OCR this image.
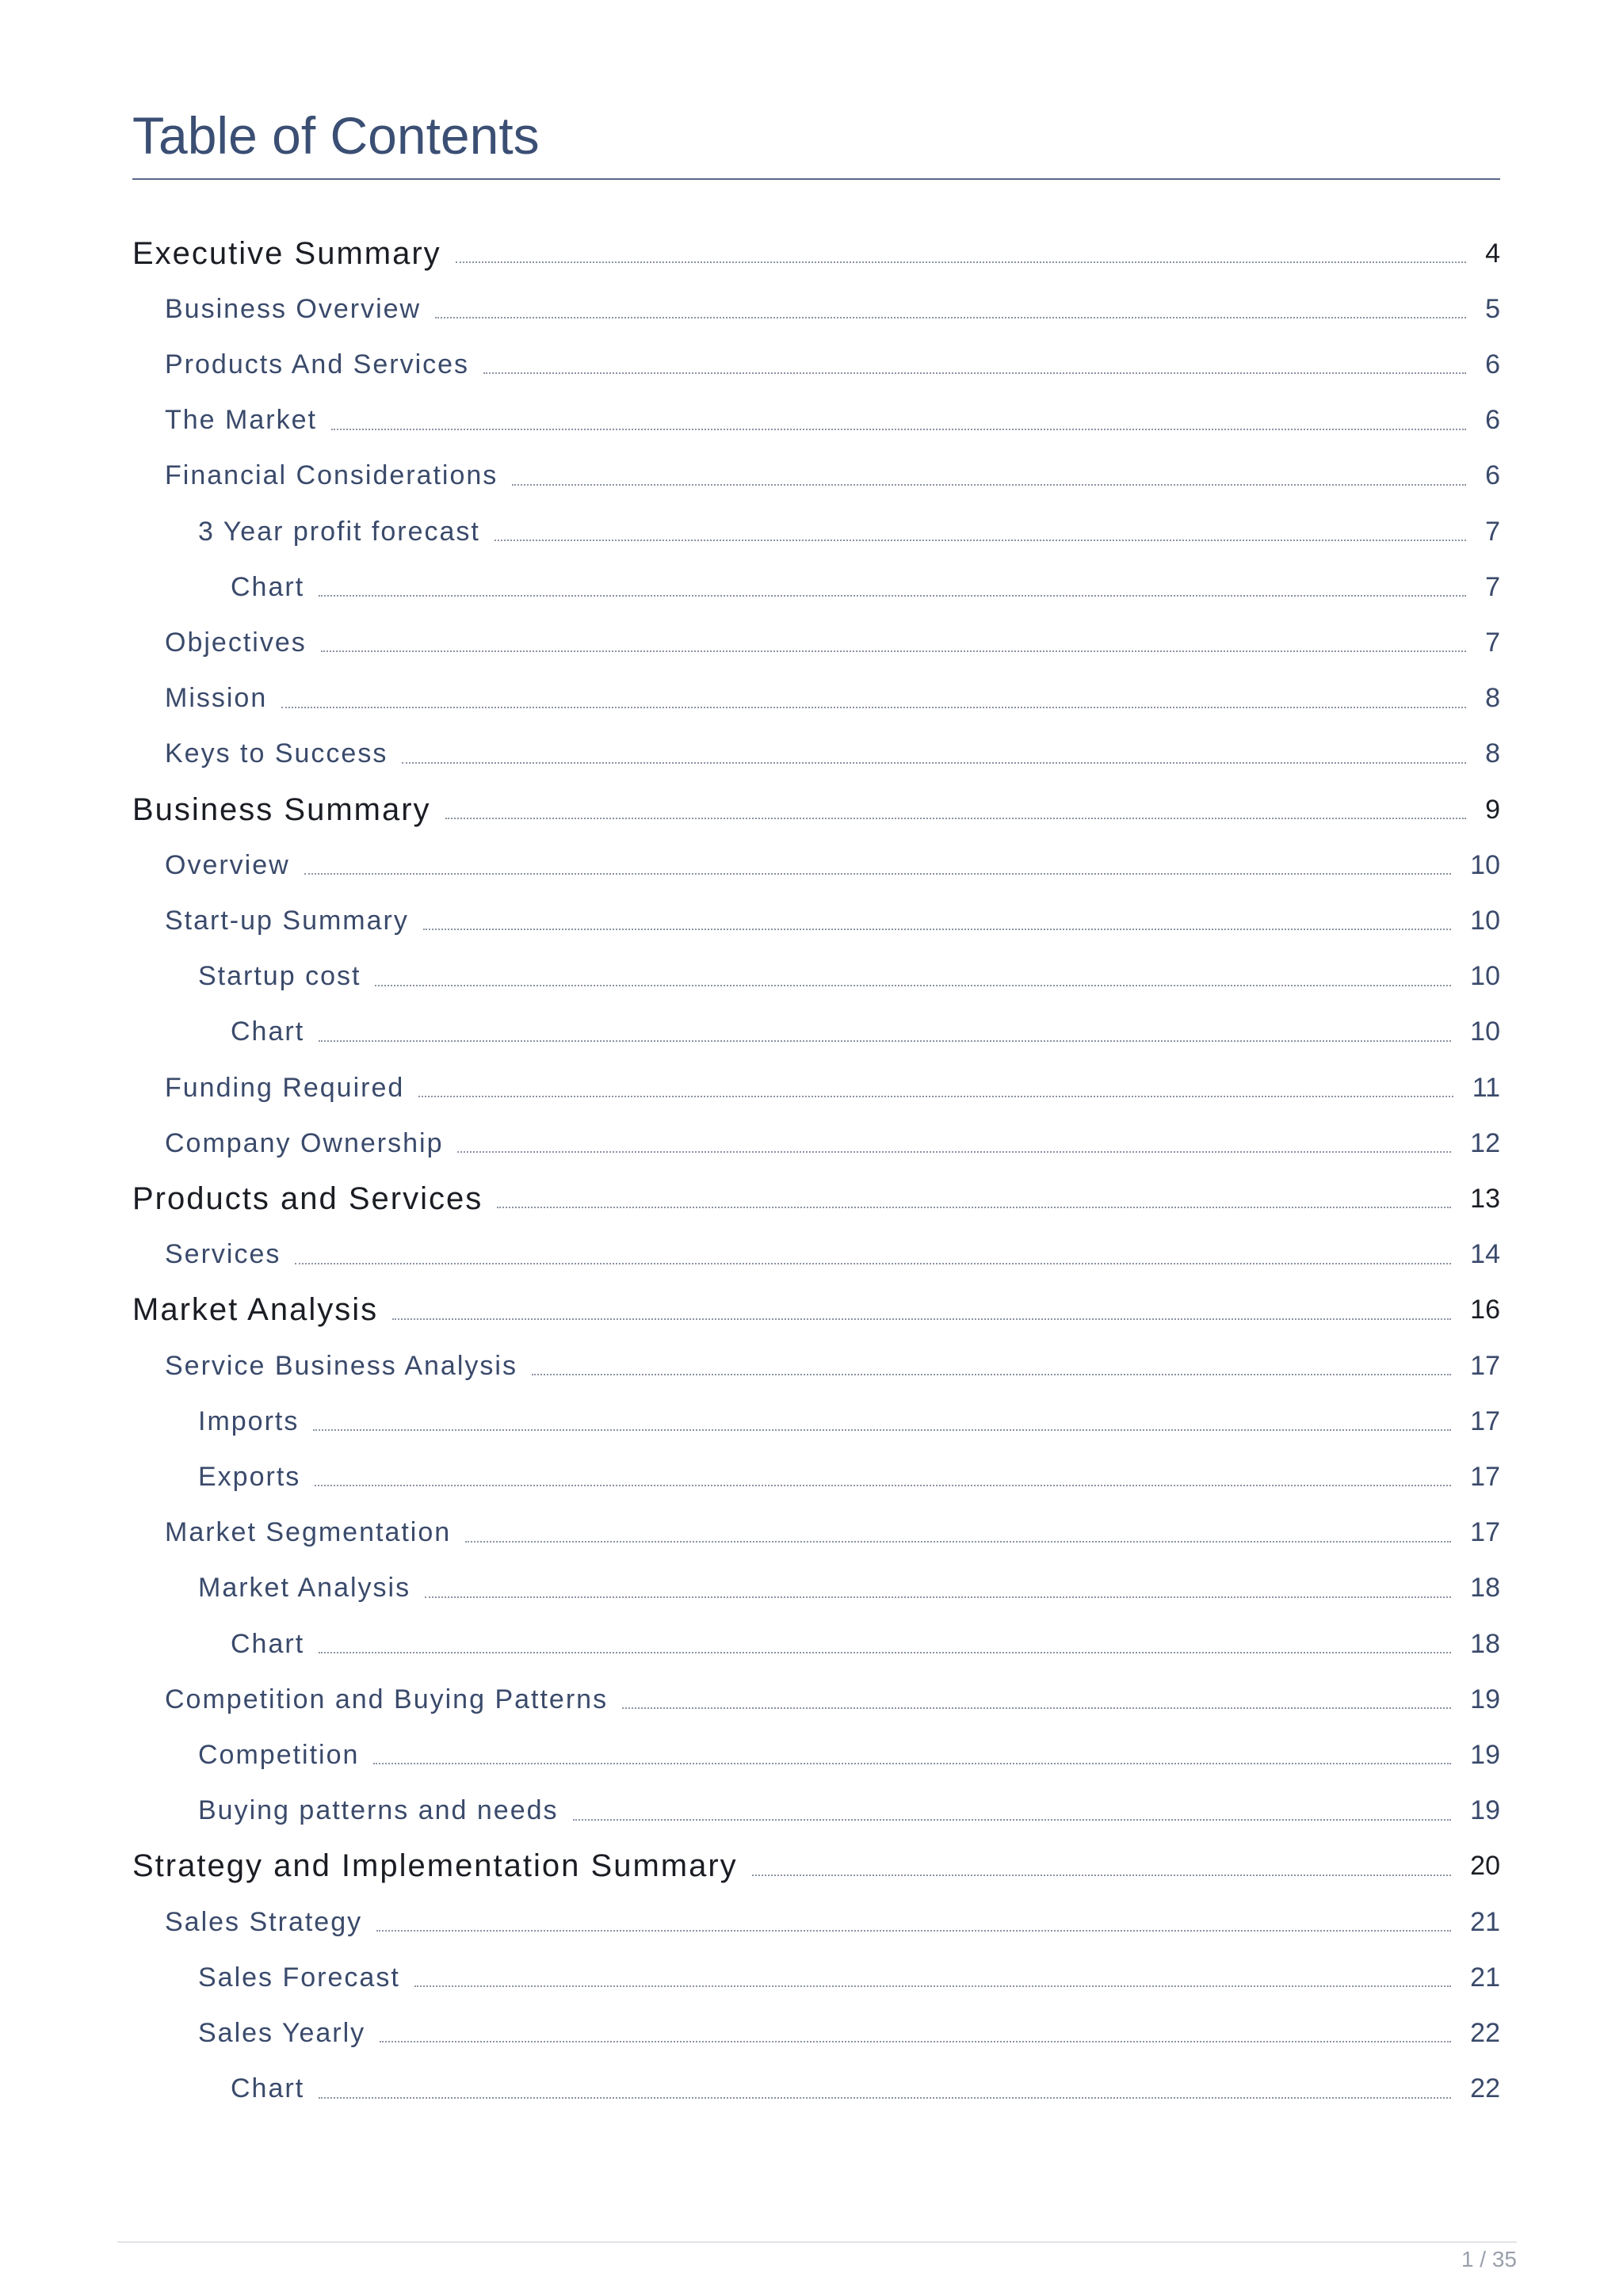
Table of Contents
Executive Summary	4
Business Overview	5
Products And Services	6
The Market	6
Financial Considerations	6
3 Year profit forecast	7
Chart	7
Objectives	7
Mission	8
Keys to Success	8
Business Summary	9
Overview	10
Start-up Summary	10
Startup cost	10
Chart	10
Funding Required	11
Company Ownership	12
Products and Services	13
Services	14
Market Analysis	16
Service Business Analysis	17
Imports	17
Exports	17
Market Segmentation	17
Market Analysis	18
Chart	18
Competition and Buying Patterns	19
Competition	19
Buying patterns and needs	19
Strategy and Implementation Summary	20
Sales Strategy	21
Sales Forecast	21
Sales Yearly	22
Chart	22
1 / 35
